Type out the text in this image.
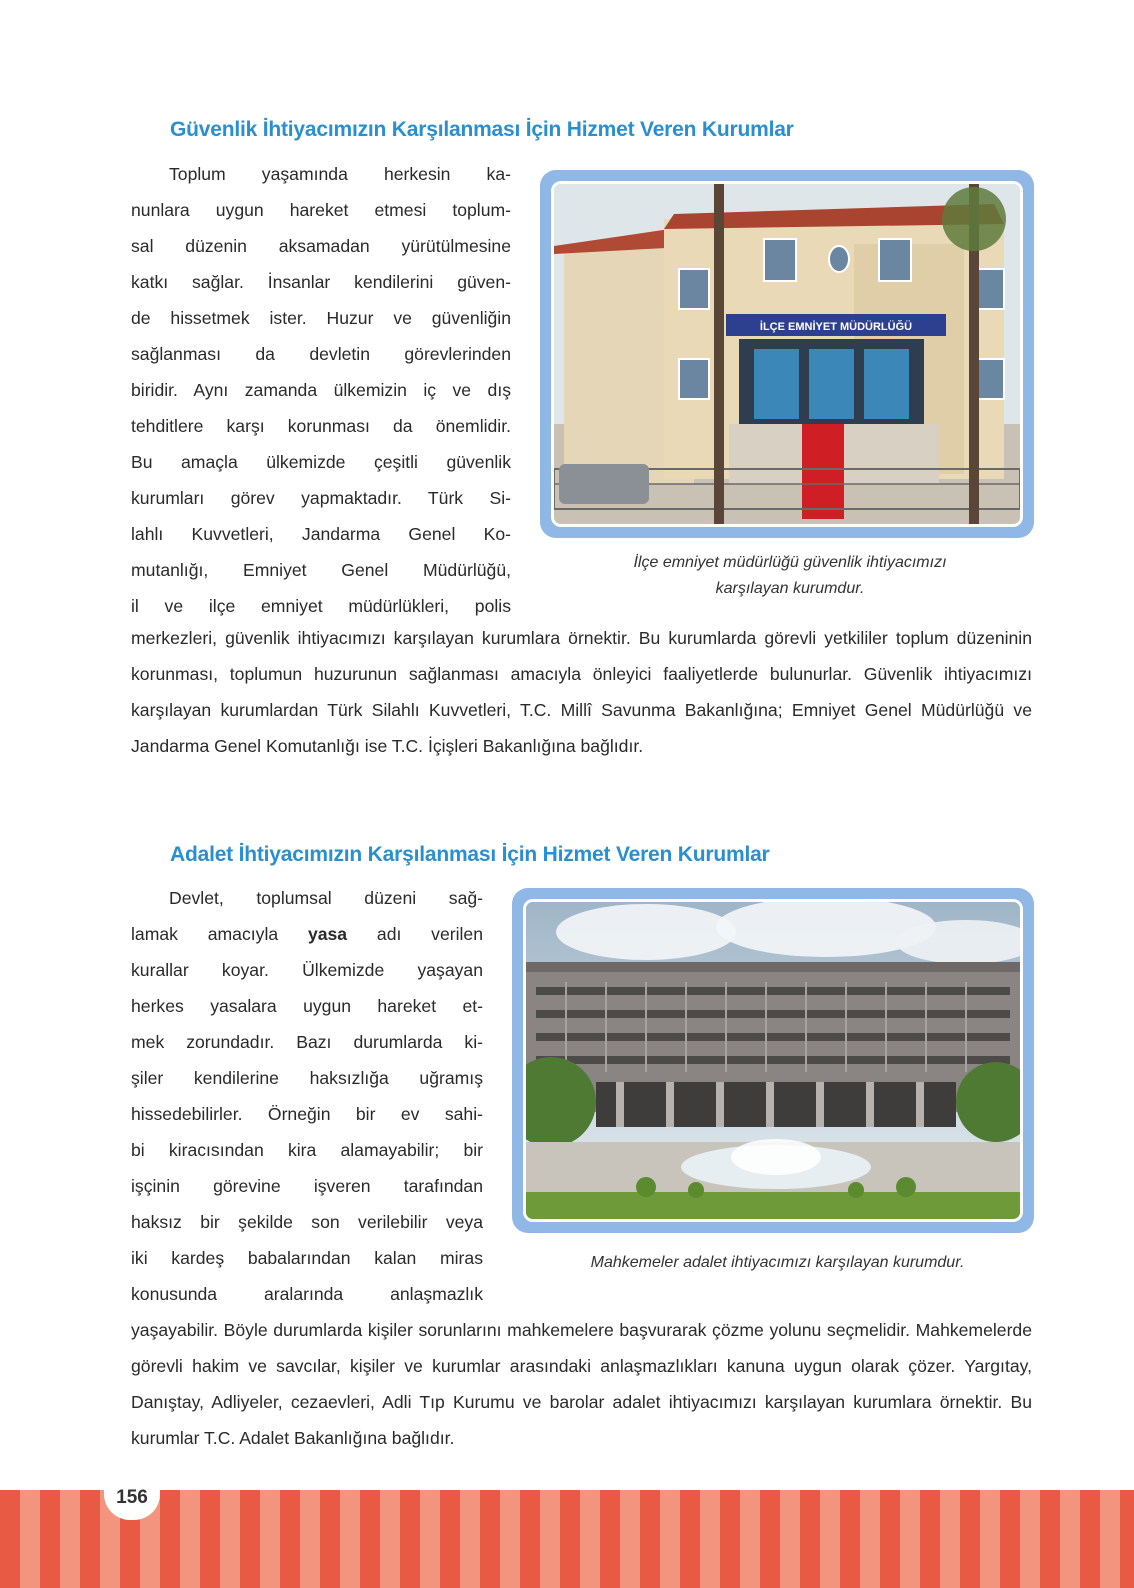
Güvenlik İhtiyacımızın Karşılanması İçin Hizmet Veren Kurumlar

Toplum yaşamında herkesin ka-
nunlara uygun hareket etmesi toplum-
sal düzenin aksamadan yürütülmesine
katkı sağlar. İnsanlar kendilerini güven-
de hissetmek ister. Huzur ve güvenliğin
sağlanması da devletin görevlerinden
biridir. Aynı zamanda ülkemizin iç ve dış
tehditlere karşı korunması da önemlidir.
Bu amaçla ülkemizde çeşitli güvenlik
kurumları görev yapmaktadır. Türk Si-
lahlı Kuvvetleri, Jandarma Genel Ko-
mutanlığı, Emniyet Genel Müdürlüğü,
il ve ilçe emniyet müdürlükleri, polis

İLÇE EMNİYET MÜDÜRLÜĞÜ

İlçe emniyet müdürlüğü güvenlik ihtiyacımızı
karşılayan kurumdur.

merkezleri, güvenlik ihtiyacımızı karşılayan kurumlara örnektir. Bu kurumlarda görevli yetkililer toplum düzeninin korunması, toplumun huzurunun sağlanması amacıyla önleyici faaliyetlerde bulunurlar. Güvenlik ihtiyacımızı karşılayan kurumlardan Türk Silahlı Kuvvetleri, T.C. Millî Savunma Bakanlığına; Emniyet Genel Müdürlüğü ve Jandarma Genel Komutanlığı ise T.C. İçişleri Bakanlığına bağlıdır.

Adalet İhtiyacımızın Karşılanması İçin Hizmet Veren Kurumlar

Devlet, toplumsal düzeni sağ-
lamak amacıyla yasa adı verilen
kurallar koyar. Ülkemizde yaşayan
herkes yasalara uygun hareket et-
mek zorundadır. Bazı durumlarda ki-
şiler kendilerine haksızlığa uğramış
hissedebilirler. Örneğin bir ev sahi-
bi kiracısından kira alamayabilir; bir
işçinin görevine işveren tarafından
haksız bir şekilde son verilebilir veya
iki kardeş babalarından kalan miras
konusunda aralarında anlaşmazlık

Mahkemeler adalet ihtiyacımızı karşılayan kurumdur.

yaşayabilir. Böyle durumlarda kişiler sorunlarını mahkemelere başvurarak çözme yolunu seçmelidir. Mahkemelerde görevli hakim ve savcılar, kişiler ve kurumlar arasındaki anlaşmazlıkları kanuna uygun olarak çözer. Yargıtay, Danıştay, Adliyeler, cezaevleri, Adli Tıp Kurumu ve barolar adalet ihtiyacımızı karşılayan kurumlara örnektir. Bu kurumlar T.C. Adalet Bakanlığına bağlıdır.

156
